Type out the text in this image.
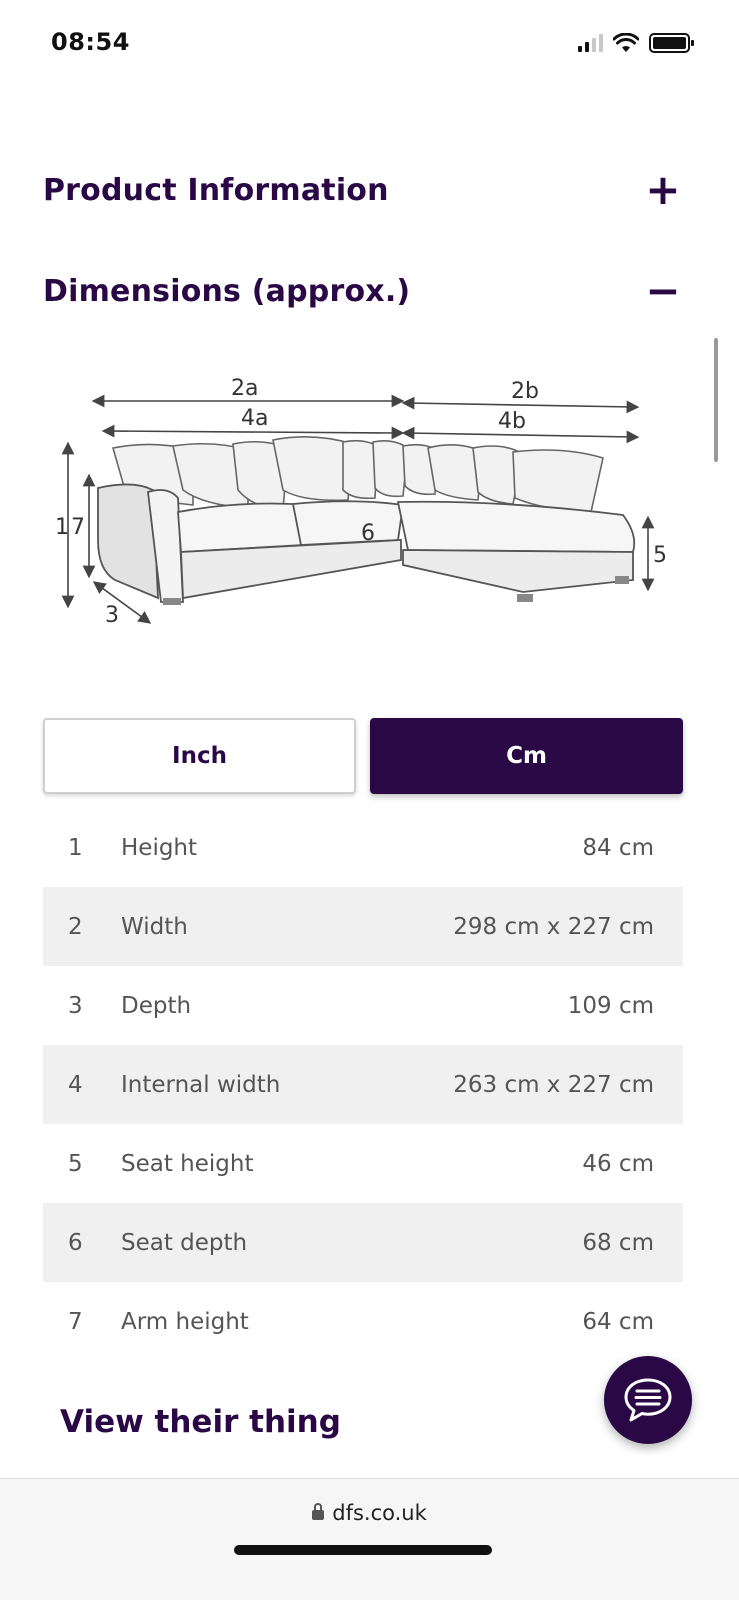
08:54
Product Information	+
Dimensions (approx.)	−
2a
4a
2b
4b
1 7	6
5
3
Inch	Cm
1	Height	84 cm
2	Width	298 cm x 227 cm
3	Depth	109 cm
4	Internal width	263 cm x 227 cm
5	Seat height	46 cm
6	Seat depth	68 cm
7	Arm height	64 cm
View their thing
dfs.co.uk
